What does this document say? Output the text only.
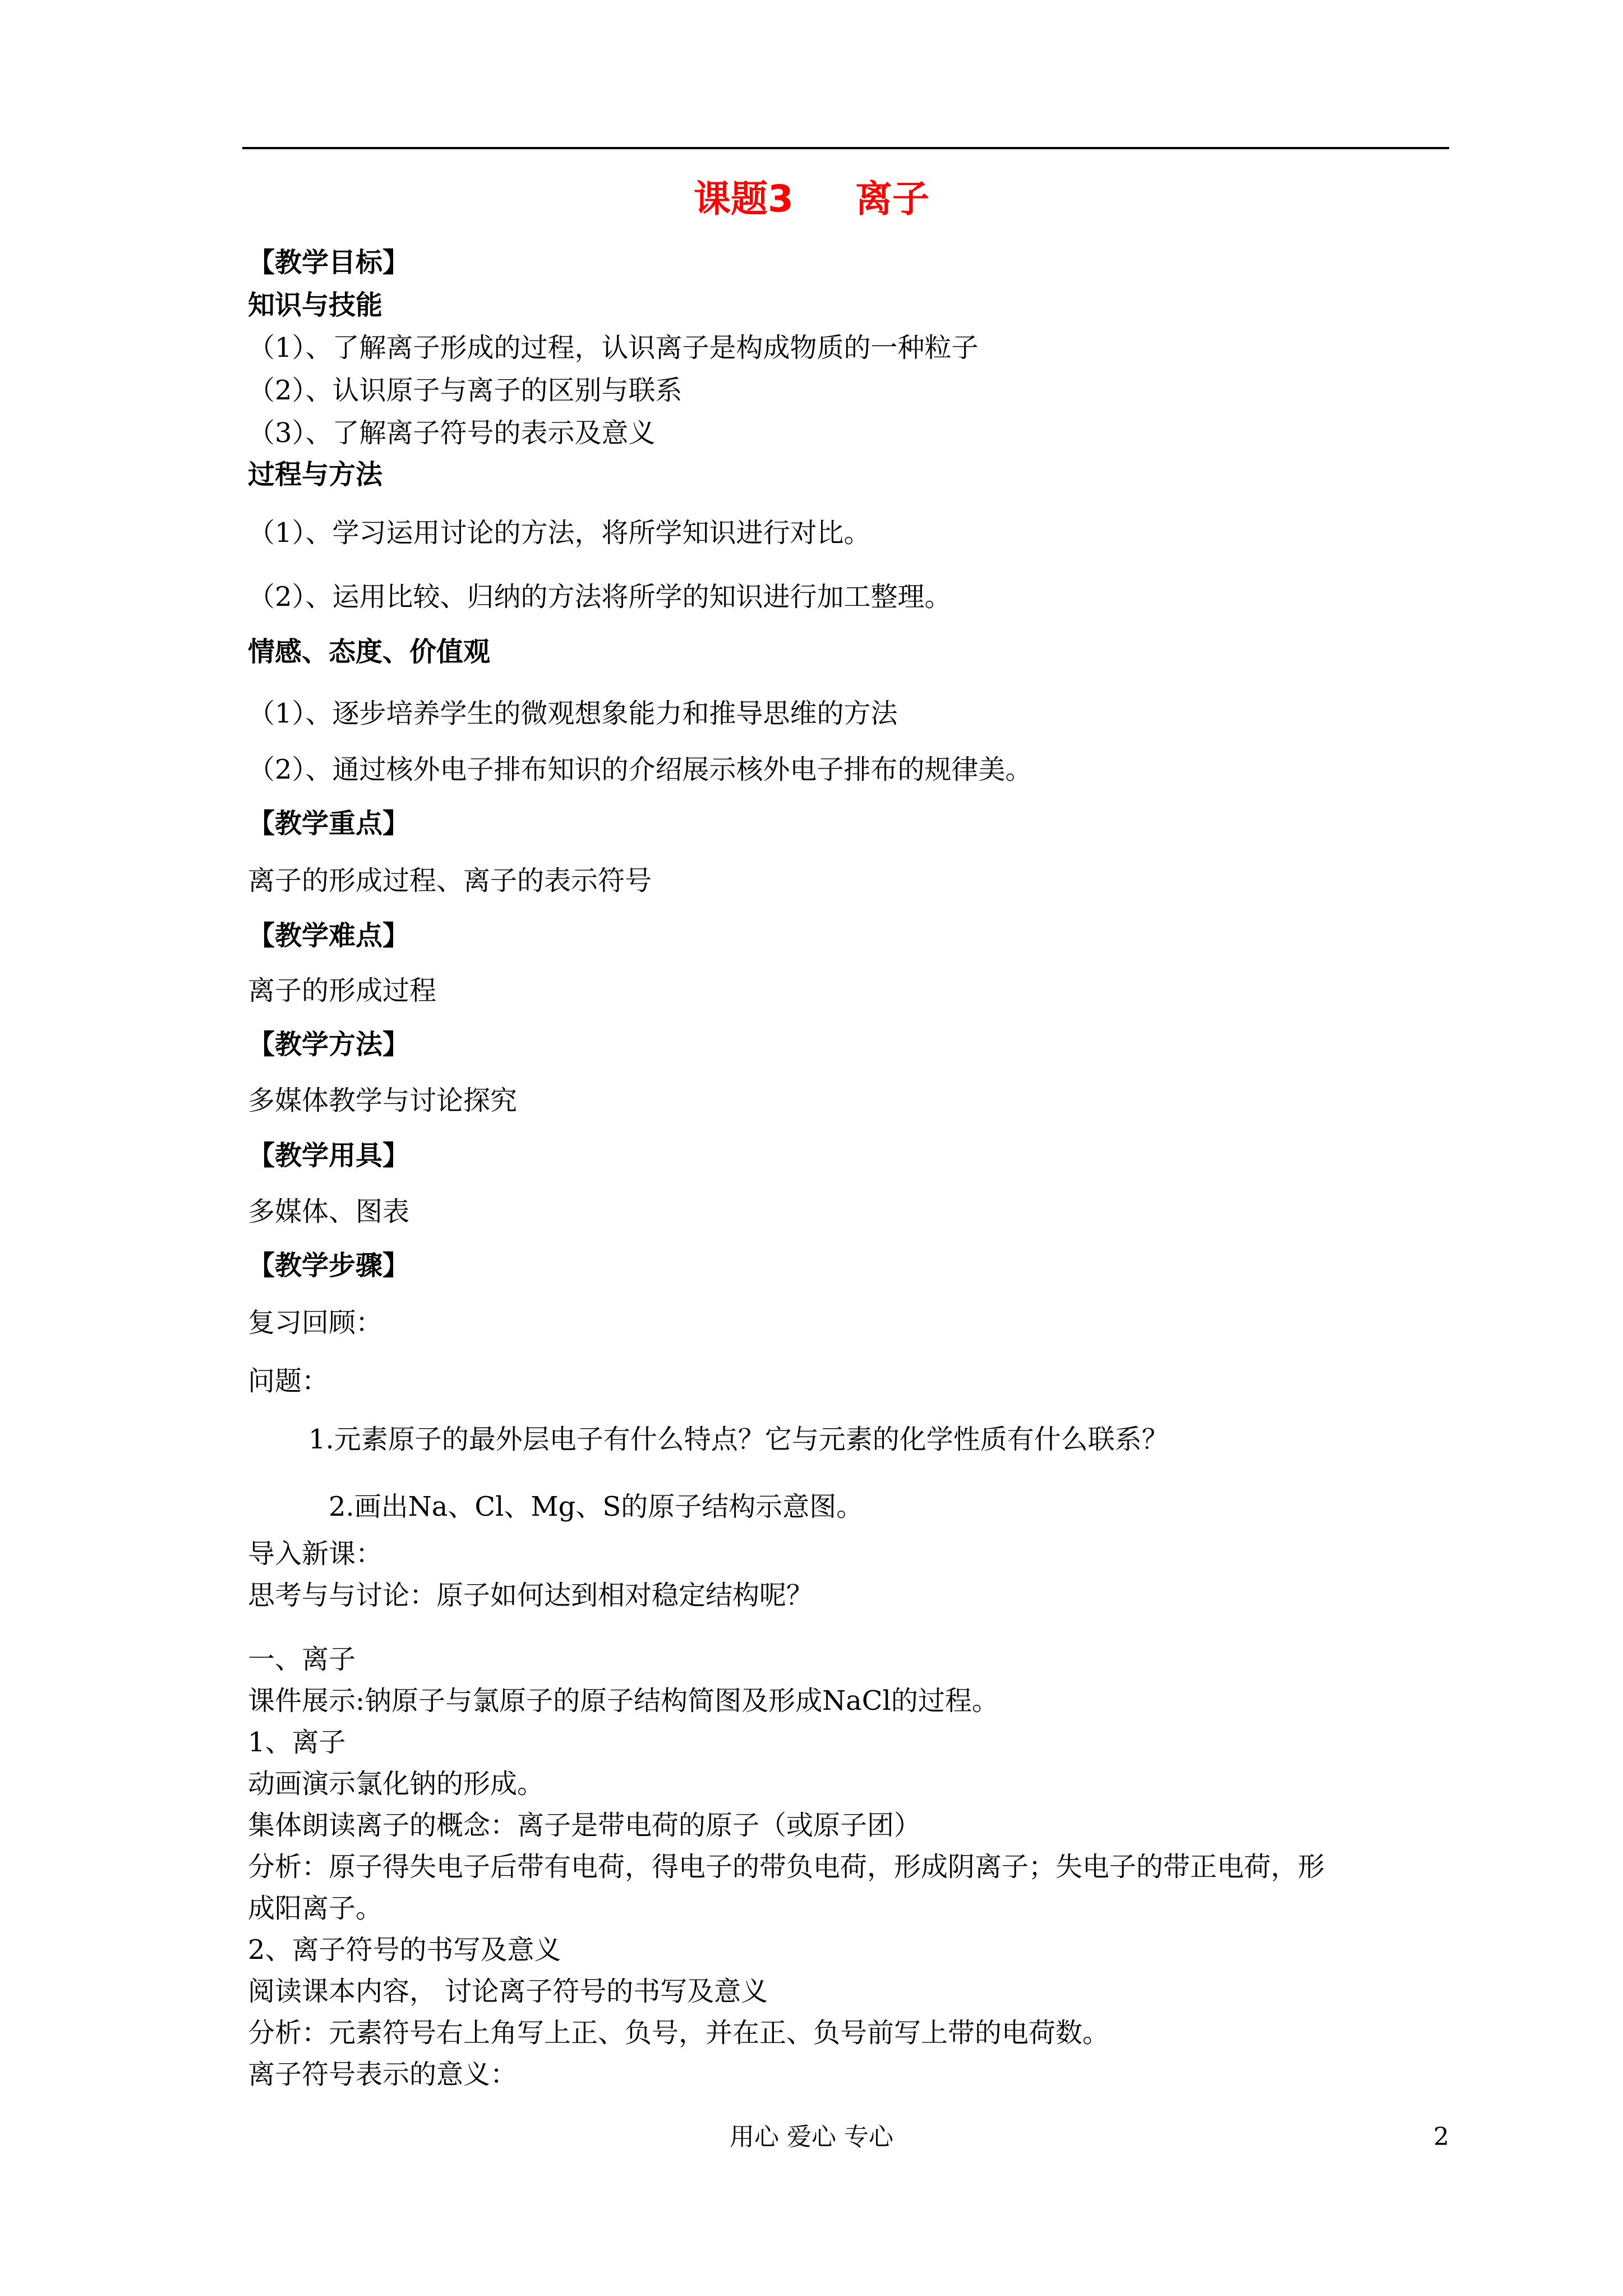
课题3 离子
【教学目标】
知识与技能
（1）、了解离子形成的过程，认识离子是构成物质的一种粒子
（2）、认识原子与离子的区别与联系
（3）、了解离子符号的表示及意义
过程与方法
（1）、学习运用讨论的方法，将所学知识进行对比。
（2）、运用比较、归纳的方法将所学的知识进行加工整理。
情感、态度、价值观
（1）、逐步培养学生的微观想象能力和推导思维的方法
（2）、通过核外电子排布知识的介绍展示核外电子排布的规律美。
【教学重点】
离子的形成过程、离子的表示符号
【教学难点】
离子的形成过程
【教学方法】
多媒体教学与讨论探究
【教学用具】
多媒体、图表
【教学步骤】
复习回顾：
问题：
1.元素原子的最外层电子有什么特点？它与元素的化学性质有什么联系？
2.画出Na、Cl、Mg、S的原子结构示意图。
导入新课：
思考与与讨论：原子如何达到相对稳定结构呢？
一、离子
课件展示:钠原子与氯原子的原子结构简图及形成NaCl的过程。
1、离子
动画演示氯化钠的形成。
集体朗读离子的概念：离子是带电荷的原子（或原子团）
分析：原子得失电子后带有电荷，得电子的带负电荷，形成阴离子；失电子的带正电荷，形
成阳离子。
2、离子符号的书写及意义
阅读课本内容， 讨论离子符号的书写及意义
分析：元素符号右上角写上正、负号，并在正、负号前写上带的电荷数。
离子符号表示的意义：
用心 爱心 专心	2
